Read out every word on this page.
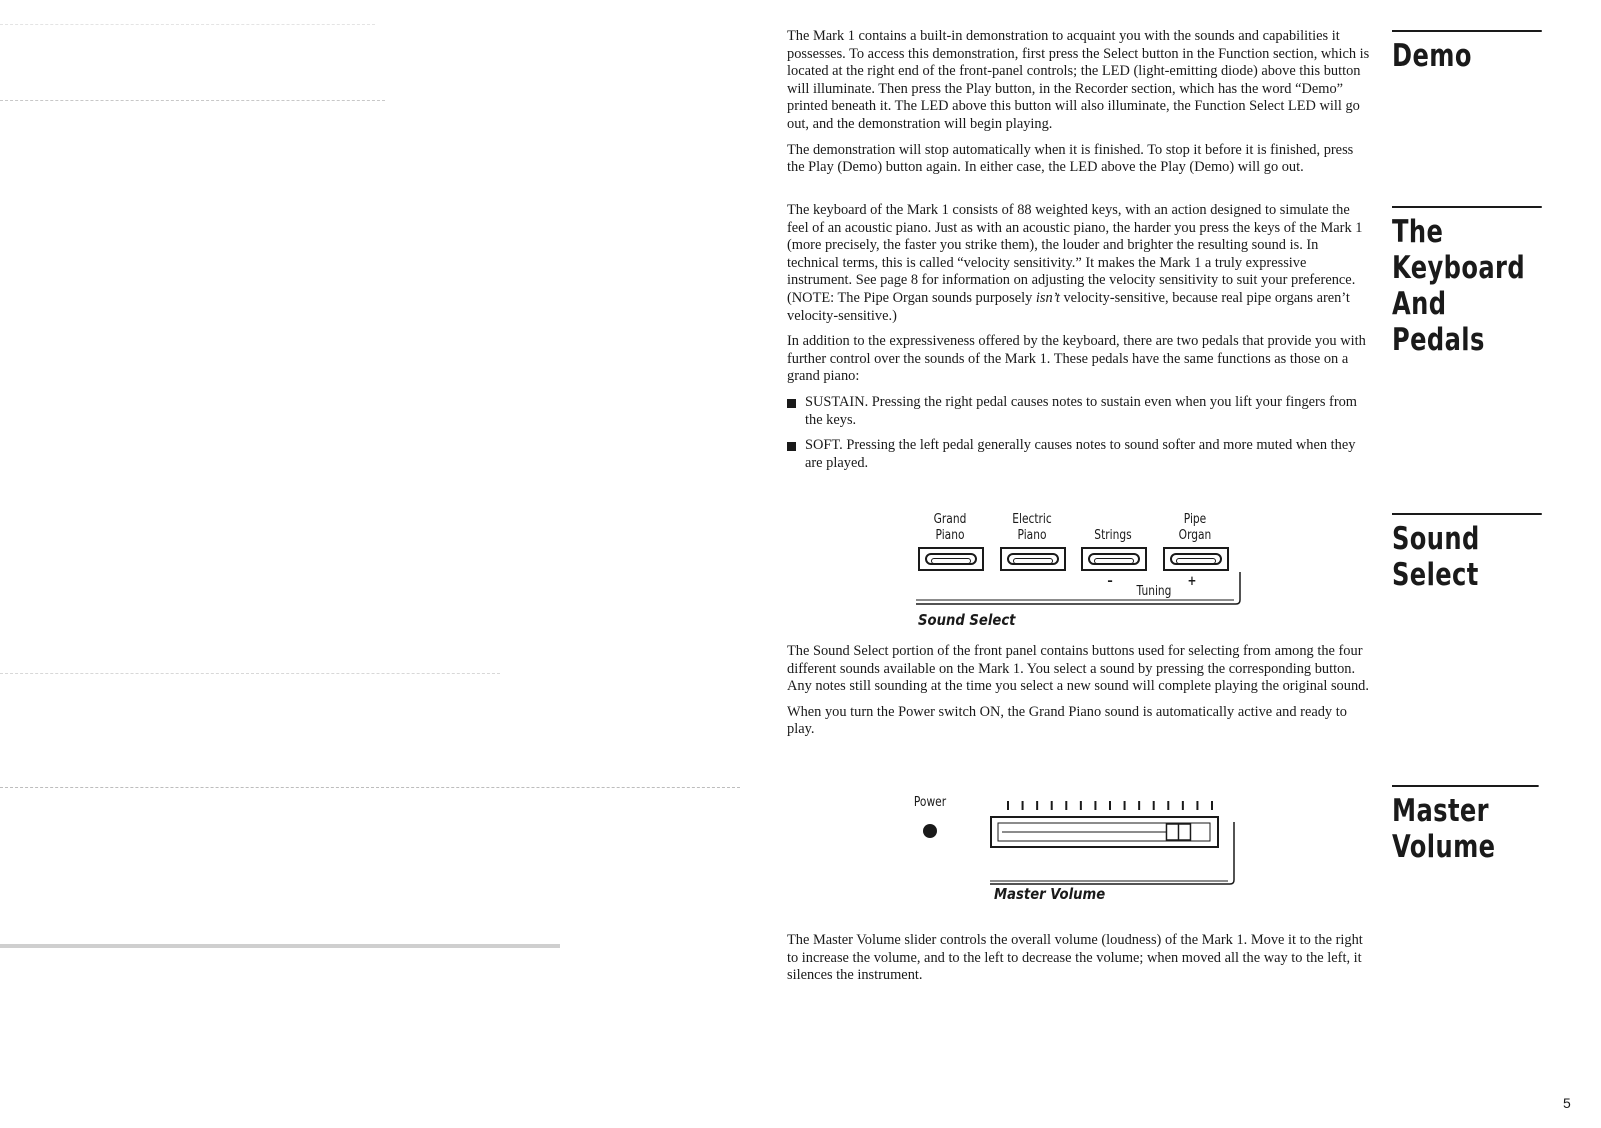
Demo

The Mark 1 contains a built-in demonstration to acquaint you with the sounds and capabilities it possesses. To access this demonstration, first press the Select button in the Function section, which is located at the right end of the front-panel controls; the LED (light-emitting diode) above this button will illuminate. Then press the Play button, in the Recorder section, which has the word “Demo” printed beneath it. The LED above this button will also illuminate, the Function Select LED will go out, and the demonstration will begin playing.

The demonstration will stop automatically when it is finished. To stop it before it is finished, press the Play (Demo) button again. In either case, the LED above the Play (Demo) will go out.

The Keyboard
And Pedals

The keyboard of the Mark 1 consists of 88 weighted keys, with an action designed to simulate the feel of an acoustic piano. Just as with an acoustic piano, the harder you press the keys of the Mark 1 (more precisely, the faster you strike them), the louder and brighter the resulting sound is. In technical terms, this is called “velocity sensitivity.” It makes the Mark 1 a truly expressive instrument. See page 8 for information on adjusting the velocity sensitivity to suit your preference. (NOTE: The Pipe Organ sounds purposely isn’t velocity-sensitive, because real pipe organs aren’t velocity-sensitive.)

In addition to the expressiveness offered by the keyboard, there are two pedals that provide you with further control over the sounds of the Mark 1. These pedals have the same functions as those on a grand piano:

SUSTAIN. Pressing the right pedal causes notes to sustain even when you lift your fingers from the keys.
SOFT. Pressing the left pedal generally causes notes to sound softer and more muted when they are played.
Sound Select
Grand
Piano
Electric
Piano	Strings
Pipe
Organ
–	+
Tuning
Sound Select

The Sound Select portion of the front panel contains buttons used for selecting from among the four different sounds available on the Mark 1. You select a sound by pressing the corresponding button. Any notes still sounding at the time you select a new sound will complete playing the original sound.

When you turn the Power switch ON, the Grand Piano sound is automatically active and ready to play.

Master
Volume
Power
Master Volume

The Master Volume slider controls the overall volume (loudness) of the Mark 1. Move it to the right to increase the volume, and to the left to decrease the volume; when moved all the way to the left, it silences the instrument.

5
